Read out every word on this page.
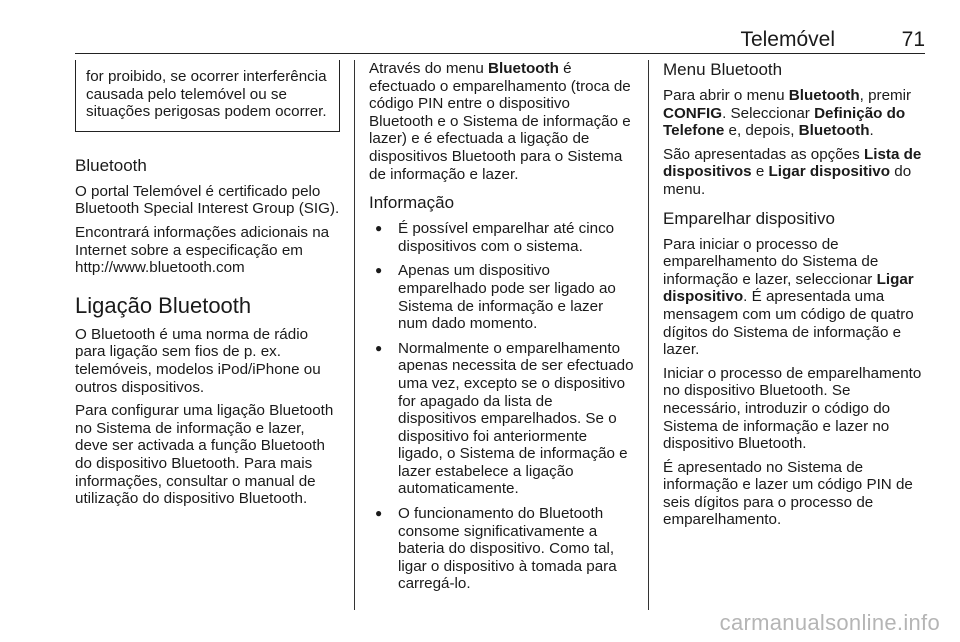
Telemóvel	71
for proibido, se ocorrer interferência causada pelo telemóvel ou se situações perigosas podem ocorrer.
Bluetooth

O portal Telemóvel é certificado pelo Bluetooth Special Interest Group (SIG).

Encontrará informações adicionais na Internet sobre a especificação em http://www.bluetooth.com

Ligação Bluetooth

O Bluetooth é uma norma de rádio para ligação sem fios de p. ex. telemóveis, modelos iPod/iPhone ou outros dispositivos.

Para configurar uma ligação Bluetooth no Sistema de informação e lazer, deve ser activada a função Bluetooth do dispositivo Bluetooth. Para mais informações, consultar o manual de utilização do dispositivo Bluetooth.

Através do menu Bluetooth é efectuado o emparelhamento (troca de código PIN entre o dispositivo Bluetooth e o Sistema de informação e lazer) e é efectuada a ligação de dispositivos Bluetooth para o Sistema de informação e lazer.

Informação
● É possível emparelhar até cinco dispositivos com o sistema.
● Apenas um dispositivo emparelhado pode ser ligado ao Sistema de informação e lazer num dado momento.
● Normalmente o emparelhamento apenas necessita de ser efectuado uma vez, excepto se o dispositivo for apagado da lista de dispositivos emparelhados. Se o dispositivo foi anteriormente ligado, o Sistema de informação e lazer estabelece a ligação automaticamente.
● O funcionamento do Bluetooth consome significativamente a bateria do dispositivo. Como tal, ligar o dispositivo à tomada para carregá-lo.
Menu Bluetooth

Para abrir o menu Bluetooth, premir CONFIG. Seleccionar Definição do Telefone e, depois, Bluetooth.

São apresentadas as opções Lista de dispositivos e Ligar dispositivo do menu.

Emparelhar dispositivo

Para iniciar o processo de emparelhamento do Sistema de informação e lazer, seleccionar Ligar dispositivo. É apresentada uma mensagem com um código de quatro dígitos do Sistema de informação e lazer.

Iniciar o processo de emparelhamento no dispositivo Bluetooth. Se necessário, introduzir o código do Sistema de informação e lazer no dispositivo Bluetooth.

É apresentado no Sistema de informação e lazer um código PIN de seis dígitos para o processo de emparelhamento.

carmanualsonline.info
